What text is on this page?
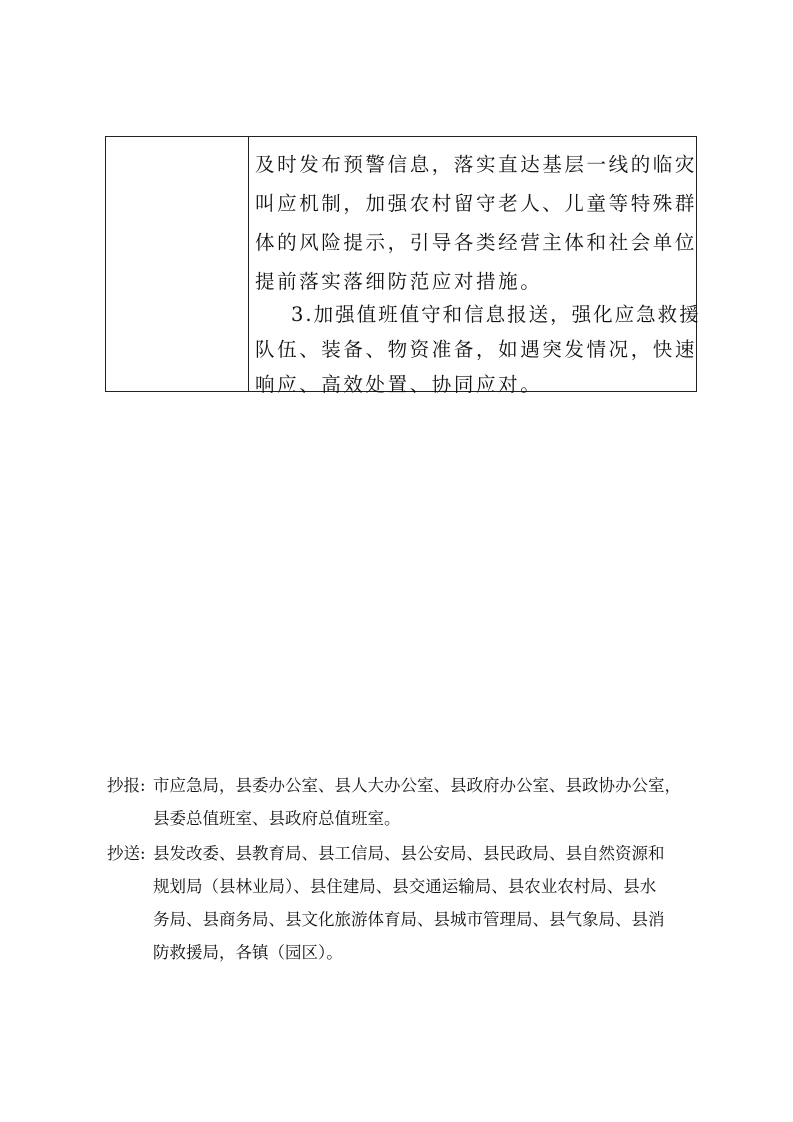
及时发布预警信息，落实直达基层一线的临灾
叫应机制，加强农村留守老人、儿童等特殊群
体的风险提示，引导各类经营主体和社会单位
提前落实落细防范应对措施。
3.加强值班值守和信息报送，强化应急救援
队伍、装备、物资准备，如遇突发情况，快速
响应、高效处置、协同应对。
抄报: 市应急局，县委办公室、县人大办公室、县政府办公室、县政协办公室，
县委总值班室、县政府总值班室。
抄送: 县发改委、县教育局、县工信局、县公安局、县民政局、县自然资源和
规划局（县林业局）、县住建局、县交通运输局、县农业农村局、县水
务局、县商务局、县文化旅游体育局、县城市管理局、县气象局、县消
防救援局，各镇（园区）。
